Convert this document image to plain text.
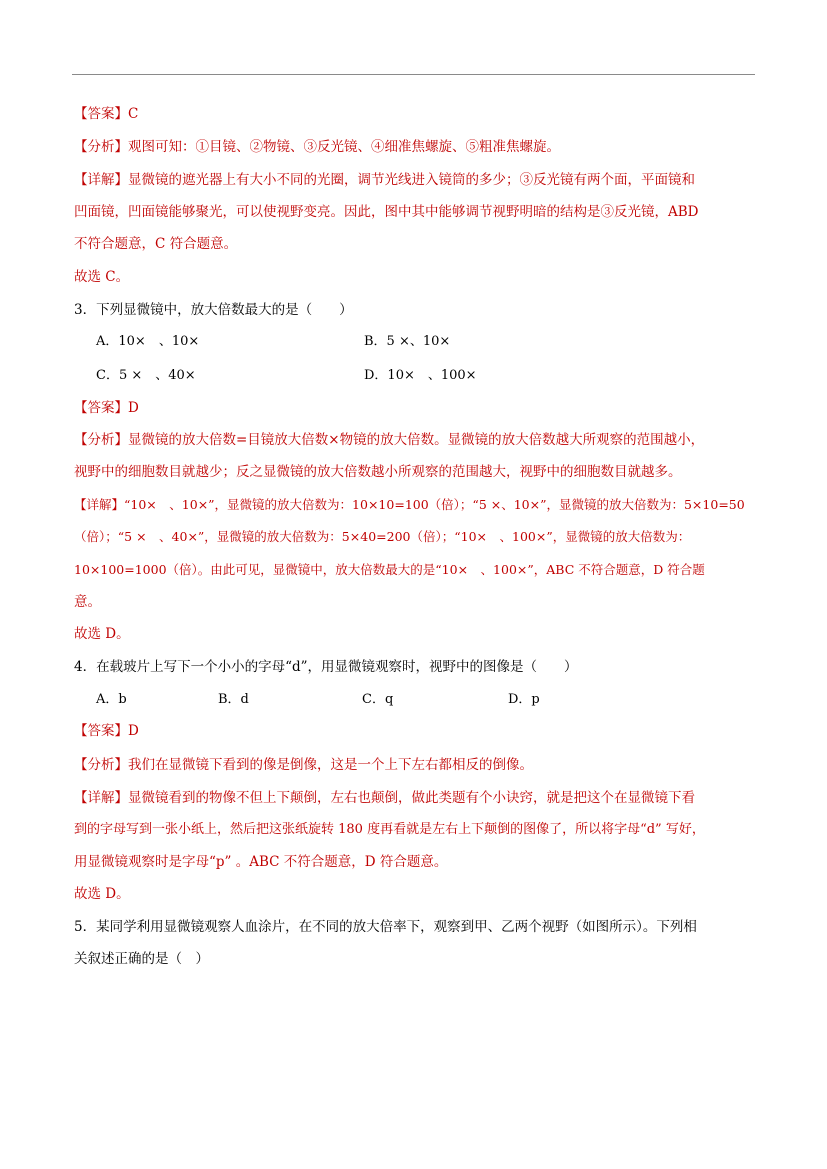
【答案】C
【分析】观图可知：①目镜、②物镜、③反光镜、④细准焦螺旋、⑤粗准焦螺旋。
【详解】显微镜的遮光器上有大小不同的光圈，调节光线进入镜筒的多少；③反光镜有两个面，平面镜和
凹面镜，凹面镜能够聚光，可以使视野变亮。因此，图中其中能够调节视野明暗的结构是③反光镜，ABD
不符合题意，C 符合题意。
故选 C。
3．下列显微镜中，放大倍数最大的是（　　）
A．10×　、10×	B．5 ×、10×
C．5 ×　、40×	D．10×　、100×
【答案】D
【分析】显微镜的放大倍数=目镜放大倍数×物镜的放大倍数。显微镜的放大倍数越大所观察的范围越小，
视野中的细胞数目就越少；反之显微镜的放大倍数越小所观察的范围越大，视野中的细胞数目就越多。
【详解】“10×　、10×”，显微镜的放大倍数为：10×10=100（倍）；“5 ×、10×”，显微镜的放大倍数为：5×10=50
（倍）；“5 ×　、40×”，显微镜的放大倍数为：5×40=200（倍）；“10×　、100×”，显微镜的放大倍数为：
10×100=1000（倍）。由此可见，显微镜中，放大倍数最大的是“10×　、100×”，ABC 不符合题意，D 符合题
意。
故选 D。
4．在载玻片上写下一个小小的字母“d”，用显微镜观察时，视野中的图像是（　　）
A．b	B．d	C．q	D．p
【答案】D
【分析】我们在显微镜下看到的像是倒像，这是一个上下左右都相反的倒像。
【详解】显微镜看到的物像不但上下颠倒，左右也颠倒，做此类题有个小诀窍，就是把这个在显微镜下看
到的字母写到一张小纸上，然后把这张纸旋转 180 度再看就是左右上下颠倒的图像了，所以将字母“d” 写好，
用显微镜观察时是字母“p” 。ABC 不符合题意，D 符合题意。
故选 D。
5．某同学利用显微镜观察人血涂片，在不同的放大倍率下，观察到甲、乙两个视野（如图所示）。下列相
关叙述正确的是（　）
